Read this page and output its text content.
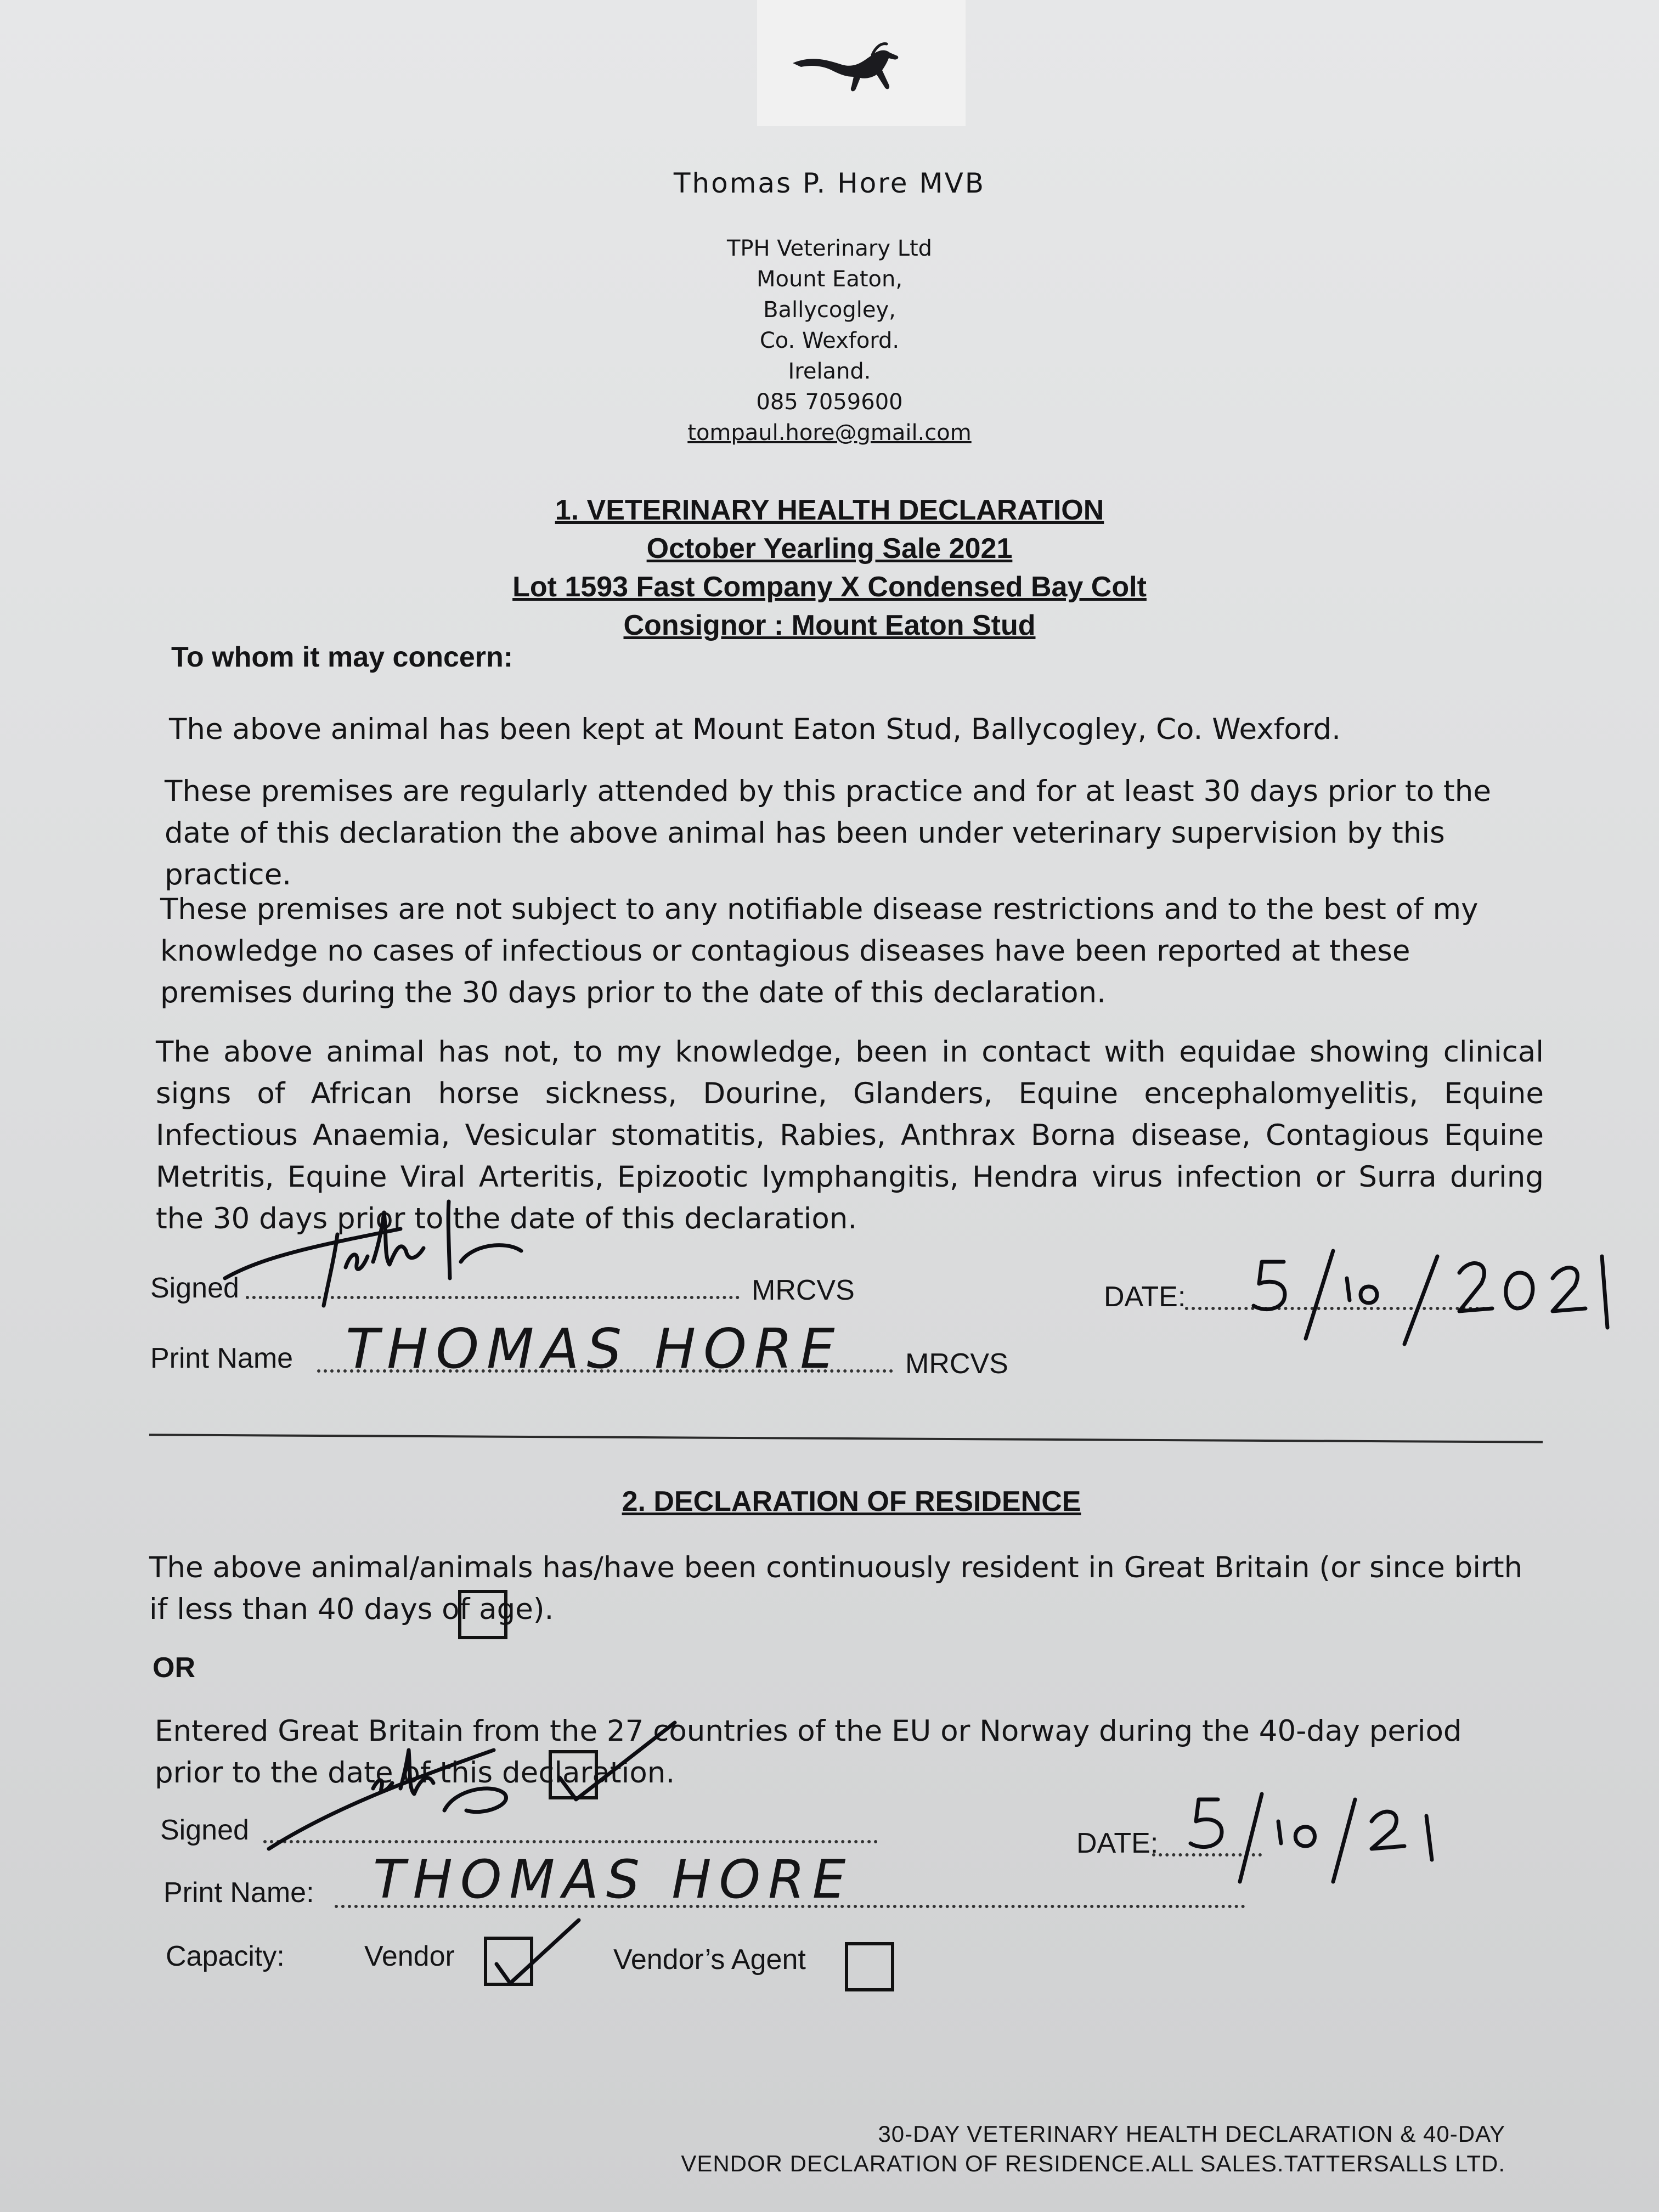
Thomas P. Hore MVB
TPH Veterinary Ltd
Mount Eaton,
Ballycogley,
Co. Wexford.
Ireland.
085 7059600
tompaul.hore@gmail.com
1. VETERINARY HEALTH DECLARATION
October Yearling Sale 2021
Lot 1593 Fast Company X Condensed Bay Colt
Consignor : Mount Eaton Stud
To whom it may concern:
The above animal has been kept at Mount Eaton Stud, Ballycogley, Co. Wexford.
These premises are regularly attended by this practice and for at least 30 days prior to the date of this declaration the above animal has been under veterinary supervision by this practice.
These premises are not subject to any notifiable disease restrictions and to the best of my knowledge no cases of infectious or contagious diseases have been reported at these premises during the 30 days prior to the date of this declaration.
The above animal has not, to my knowledge, been in contact with equidae showing clinical signs of African horse sickness, Dourine, Glanders, Equine encephalomyelitis, Equine Infectious Anaemia, Vesicular stomatitis, Rabies, Anthrax Borna disease, Contagious Equine Metritis, Equine Viral Arteritis, Epizootic lymphangitis, Hendra virus infection or Surra during the 30 days prior to the date of this declaration.
Signed	MRCVS	DATE:
Print Name THOMAS HORE MRCVS
2. DECLARATION OF RESIDENCE
The above animal/animals has/have been continuously resident in Great Britain (or since birth if less than 40 days of age).
OR
Entered Great Britain from the 27 countries of the EU or Norway during the 40-day period prior to the date of this declaration.
Signed	DATE:
Print Name: THOMAS HORE
Capacity:	Vendor	Vendor’s Agent
30-DAY VETERINARY HEALTH DECLARATION & 40-DAY
VENDOR DECLARATION OF RESIDENCE.ALL SALES.TATTERSALLS LTD.
